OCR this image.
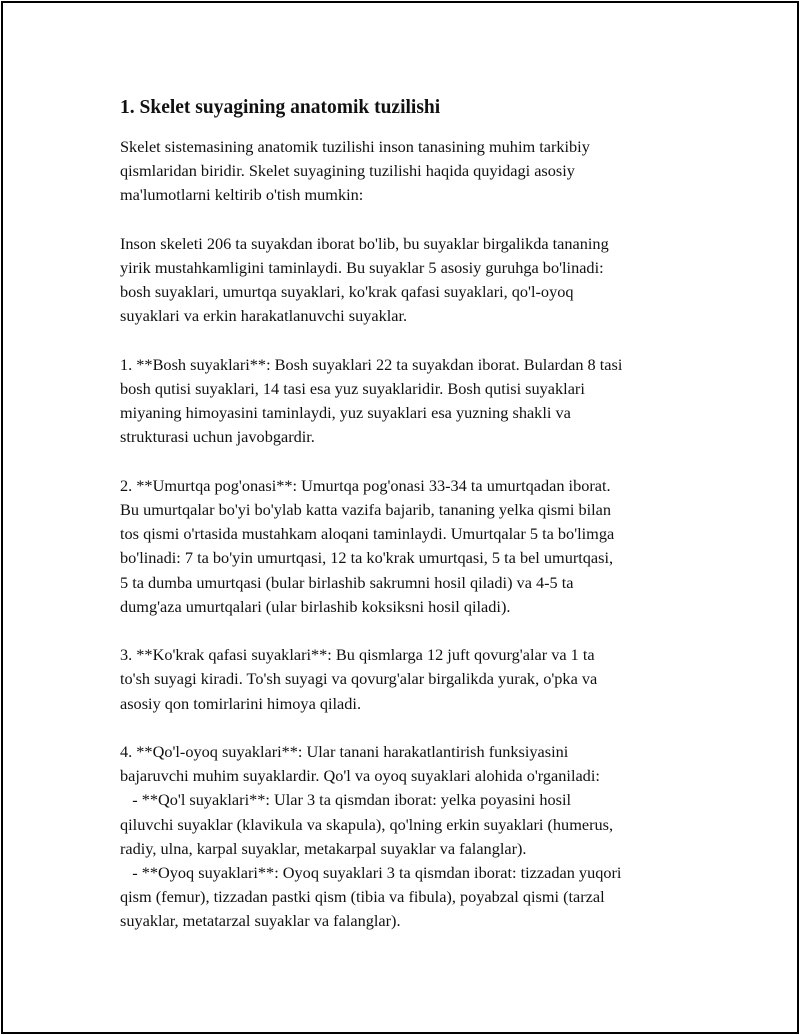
1. Skelet suyagining anatomik tuzilishi
Skelet sistemasining anatomik tuzilishi inson tanasining muhim tarkibiy
qismlaridan biridir. Skelet suyagining tuzilishi haqida quyidagi asosiy
ma'lumotlarni keltirib o'tish mumkin:
Inson skeleti 206 ta suyakdan iborat bo'lib, bu suyaklar birgalikda tananing
yirik mustahkamligini taminlaydi. Bu suyaklar 5 asosiy guruhga bo'linadi:
bosh suyaklari, umurtqa suyaklari, ko'krak qafasi suyaklari, qo'l-oyoq
suyaklari va erkin harakatlanuvchi suyaklar.
1. **Bosh suyaklari**: Bosh suyaklari 22 ta suyakdan iborat. Bulardan 8 tasi
bosh qutisi suyaklari, 14 tasi esa yuz suyaklaridir. Bosh qutisi suyaklari
miyaning himoyasini taminlaydi, yuz suyaklari esa yuzning shakli va
strukturasi uchun javobgardir.
2. **Umurtqa pog'onasi**: Umurtqa pog'onasi 33-34 ta umurtqadan iborat.
Bu umurtqalar bo'yi bo'ylab katta vazifa bajarib, tananing yelka qismi bilan
tos qismi o'rtasida mustahkam aloqani taminlaydi. Umurtqalar 5 ta bo'limga
bo'linadi: 7 ta bo'yin umurtqasi, 12 ta ko'krak umurtqasi, 5 ta bel umurtqasi,
5 ta dumba umurtqasi (bular birlashib sakrumni hosil qiladi) va 4-5 ta
dumg'aza umurtqalari (ular birlashib koksiksni hosil qiladi).
3. **Ko'krak qafasi suyaklari**: Bu qismlarga 12 juft qovurg'alar va 1 ta
to'sh suyagi kiradi. To'sh suyagi va qovurg'alar birgalikda yurak, o'pka va
asosiy qon tomirlarini himoya qiladi.
4. **Qo'l-oyoq suyaklari**: Ular tanani harakatlantirish funksiyasini
bajaruvchi muhim suyaklardir. Qo'l va oyoq suyaklari alohida o'rganiladi:
- **Qo'l suyaklari**: Ular 3 ta qismdan iborat: yelka poyasini hosil
qiluvchi suyaklar (klavikula va skapula), qo'lning erkin suyaklari (humerus,
radiy, ulna, karpal suyaklar, metakarpal suyaklar va falanglar).
- **Oyoq suyaklari**: Oyoq suyaklari 3 ta qismdan iborat: tizzadan yuqori
qism (femur), tizzadan pastki qism (tibia va fibula), poyabzal qismi (tarzal
suyaklar, metatarzal suyaklar va falanglar).
